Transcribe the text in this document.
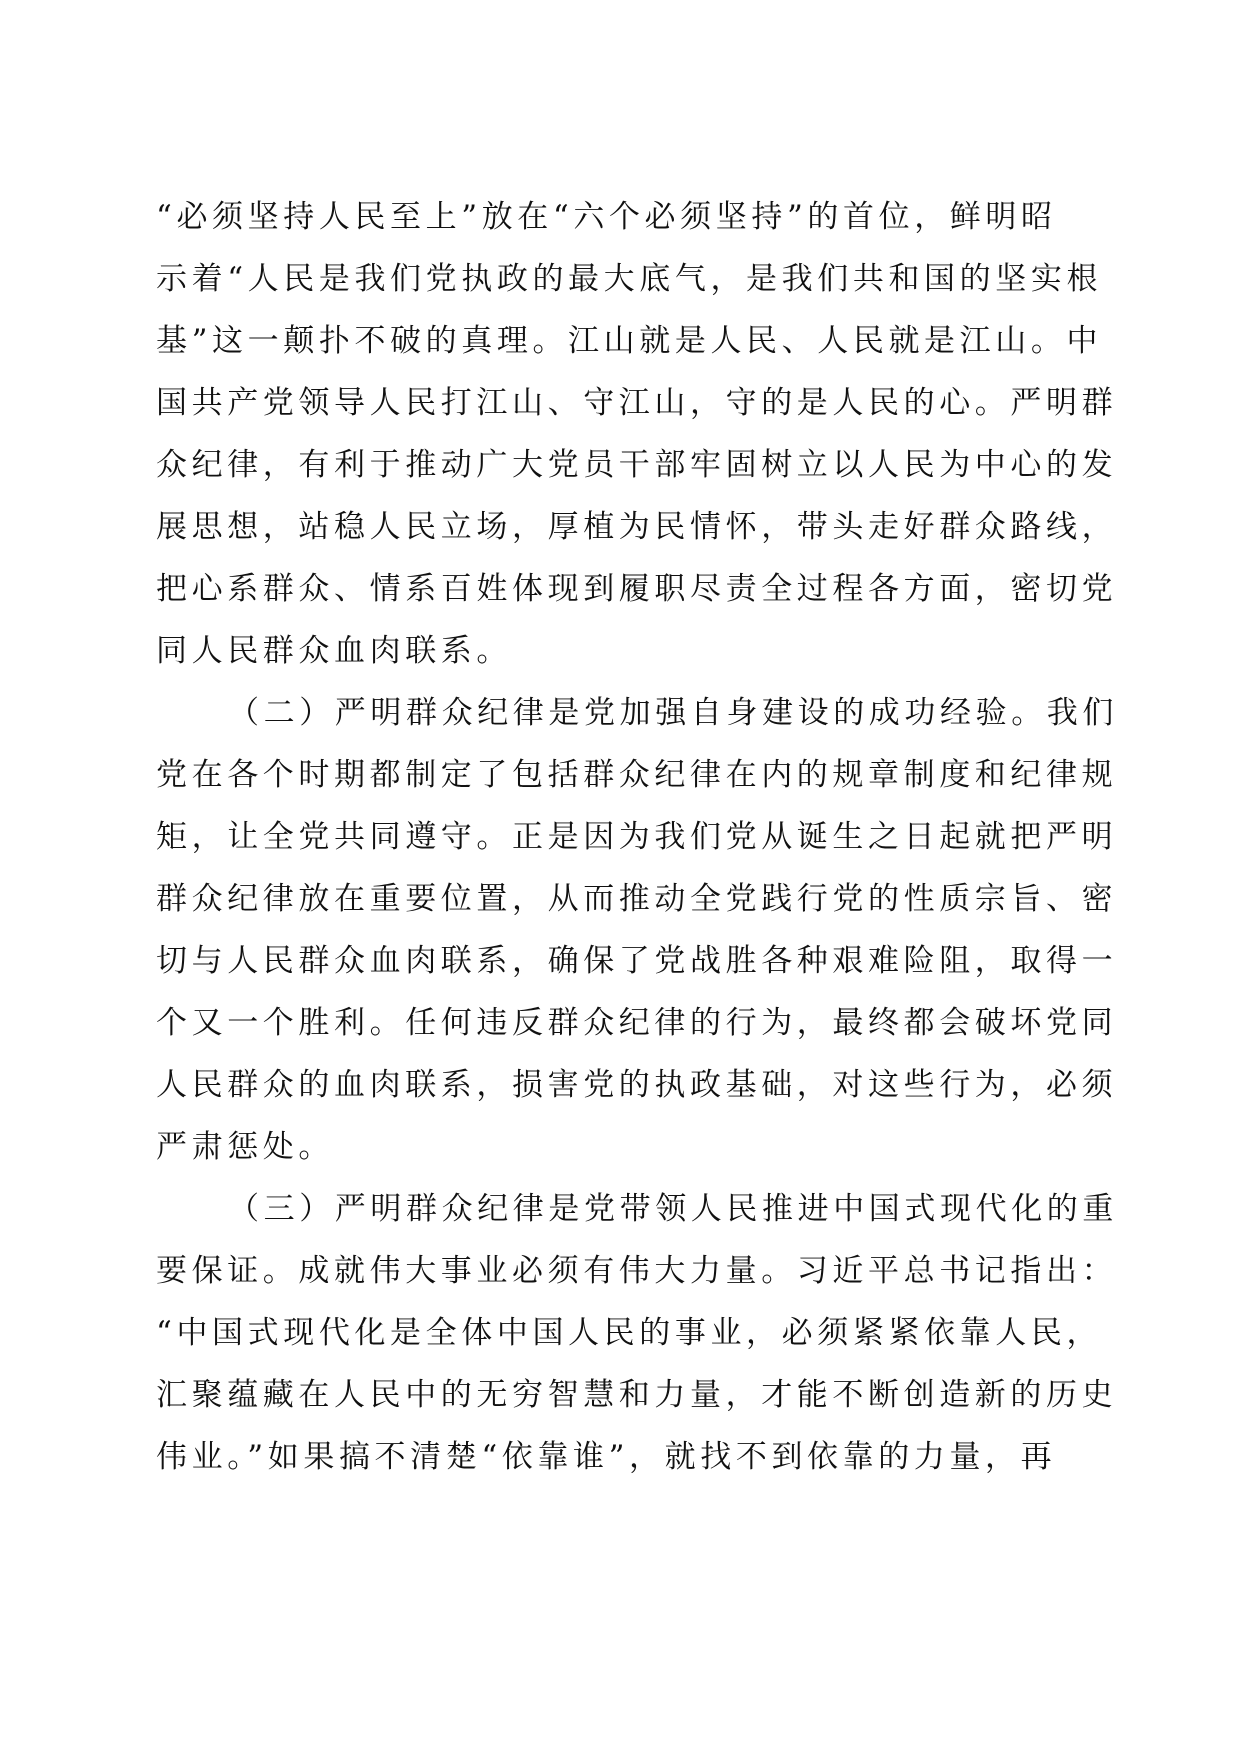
“必须坚持人民至上”放在“六个必须坚持”的首位，鲜明昭
示着“人民是我们党执政的最大底气，是我们共和国的坚实根
基”这一颠扑不破的真理。江山就是人民、人民就是江山。中
国共产党领导人民打江山、守江山，守的是人民的心。严明群
众纪律，有利于推动广大党员干部牢固树立以人民为中心的发
展思想，站稳人民立场，厚植为民情怀，带头走好群众路线，
把心系群众、情系百姓体现到履职尽责全过程各方面，密切党
同人民群众血肉联系。
（二）严明群众纪律是党加强自身建设的成功经验。我们
党在各个时期都制定了包括群众纪律在内的规章制度和纪律规
矩，让全党共同遵守。正是因为我们党从诞生之日起就把严明
群众纪律放在重要位置，从而推动全党践行党的性质宗旨、密
切与人民群众血肉联系，确保了党战胜各种艰难险阻，取得一
个又一个胜利。任何违反群众纪律的行为，最终都会破坏党同
人民群众的血肉联系，损害党的执政基础，对这些行为，必须
严肃惩处。
（三）严明群众纪律是党带领人民推进中国式现代化的重
要保证。成就伟大事业必须有伟大力量。习近平总书记指出：
“中国式现代化是全体中国人民的事业，必须紧紧依靠人民，
汇聚蕴藏在人民中的无穷智慧和力量，才能不断创造新的历史
伟业。”如果搞不清楚“依靠谁”，就找不到依靠的力量，再
